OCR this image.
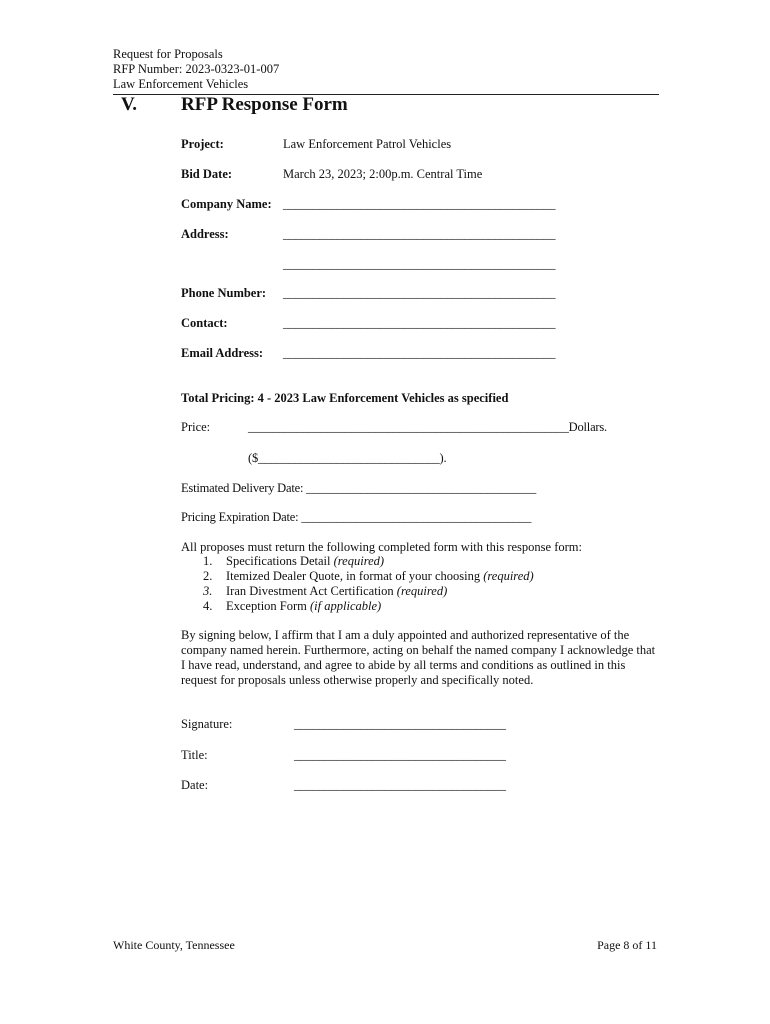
Request for Proposals
RFP Number: 2023-0323-01-007
Law Enforcement Vehicles
V. RFP Response Form
Project:	Law Enforcement Patrol Vehicles
Bid Date:	March 23, 2023; 2:00p.m. Central Time
Company Name: _____________________________________________
Address:	_____________________________________________
_____________________________________________
Phone Number: _____________________________________________
Contact:	_____________________________________________
Email Address: _____________________________________________
Total Pricing: 4 - 2023 Law Enforcement Vehicles as specified
Price:	_____________________________________________________Dollars.
($______________________________).
Estimated Delivery Date: ______________________________________
Pricing Expiration Date: ______________________________________
All proposes must return the following completed form with this response form:
1. Specifications Detail (required)
2. Itemized Dealer Quote, in format of your choosing (required)
3. Iran Divestment Act Certification (required)
4. Exception Form (if applicable)
By signing below, I affirm that I am a duly appointed and authorized representative of the company named herein. Furthermore, acting on behalf the named company I acknowledge that I have read, understand, and agree to abide by all terms and conditions as outlined in this request for proposals unless otherwise properly and specifically noted.
Signature:	___________________________________
Title:	___________________________________
Date:	___________________________________
White County, Tennessee	Page 8 of 11
